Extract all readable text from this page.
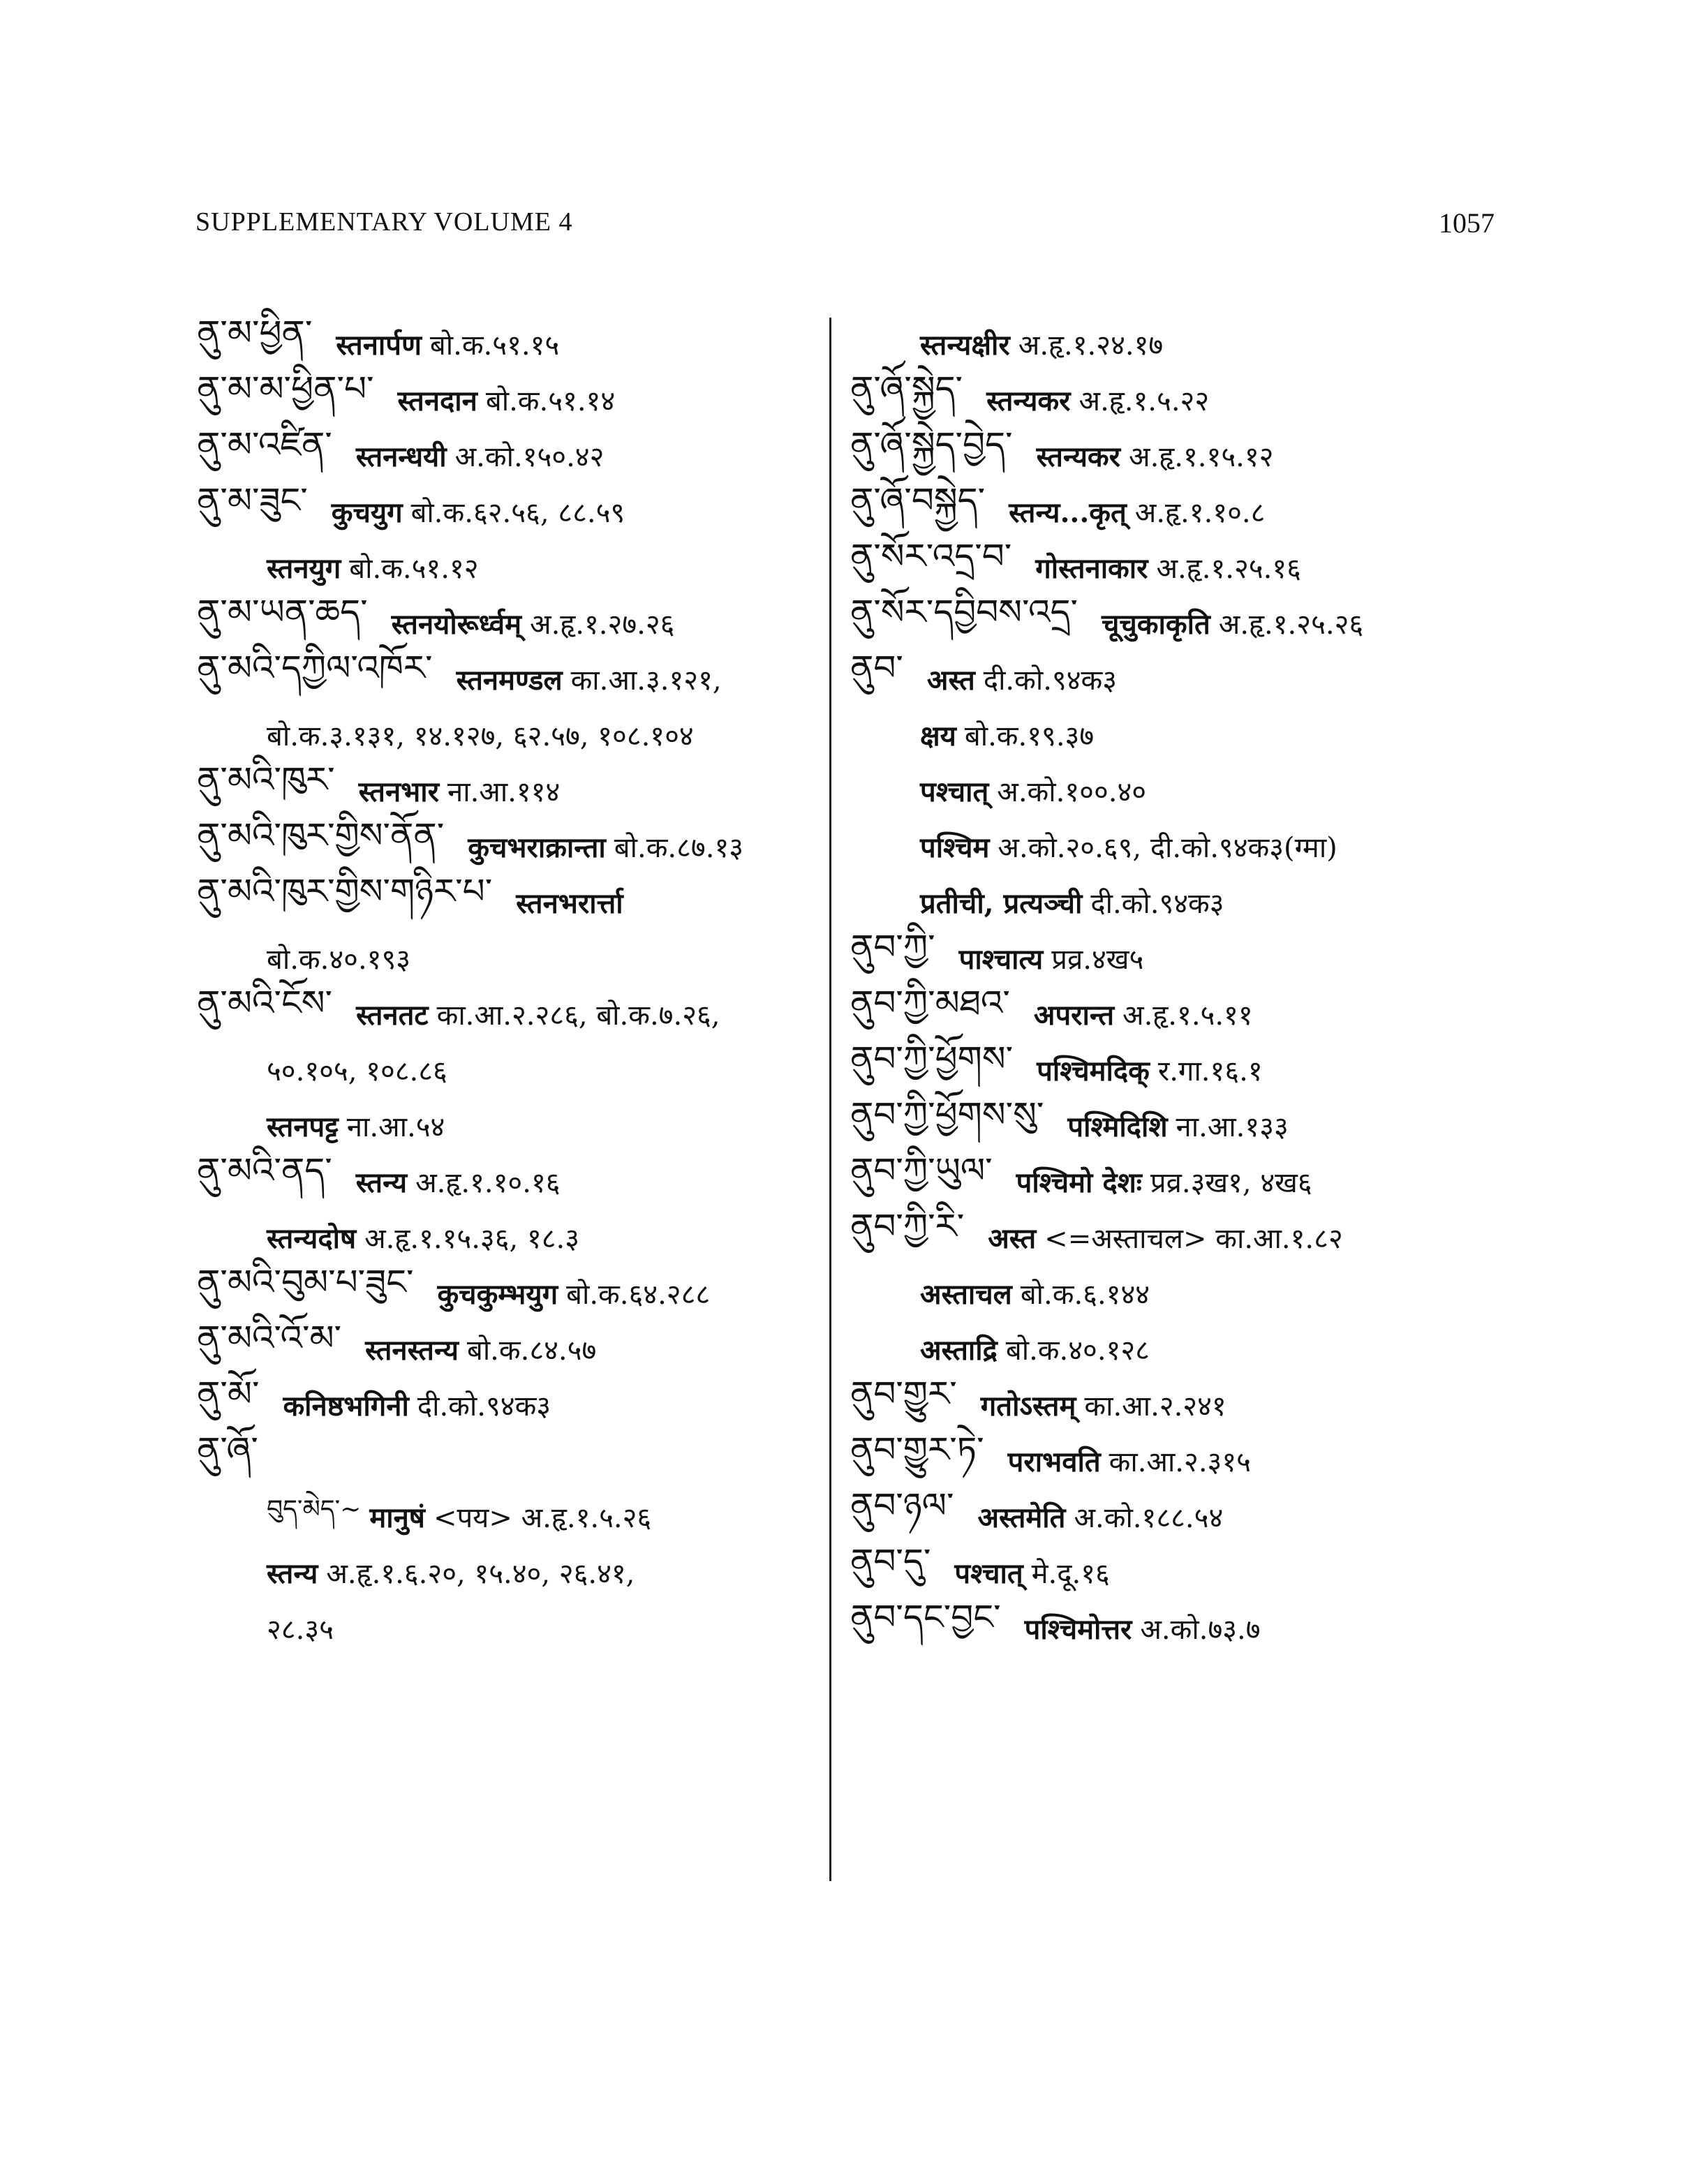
SUPPLEMENTARY VOLUME 4	1057
ནུ་མ་ཕྱིན་ स्तनार्पण बो.क.५१.१५
ནུ་མ་མ་ཕྱིན་པ་ स्तनदान बो.क.५१.१४
ནུ་མ་འཛིན་ स्तनन्धयी अ.को.१५०.४२
ནུ་མ་ཟུང་ कुचयुग बो.क.६२.५६, ८८.५९
स्तनयुग बो.क.५१.१२
ནུ་མ་ཡན་ཆད་ स्तनयोरूर्ध्वम् अ.हृ.१.२७.२६
ནུ་མའི་དཀྱིལ་འཁོར་ स्तनमण्डल का.आ.३.१२१,
बो.क.३.१३१, १४.१२७, ६२.५७, १०८.१०४
ནུ་མའི་ཁུར་ स्तनभार ना.आ.११४
ནུ་མའི་ཁུར་གྱིས་ནོན་ कुचभराक्रान्ता बो.क.८७.१३
ནུ་མའི་ཁུར་གྱིས་གཉིར་པ་ स्तनभरार्त्ता
बो.क.४०.१९३
ནུ་མའི་ངོས་ स्तनतट का.आ.२.२८६, बो.क.७.२६,
५०.१०५, १०८.८६
स्तनपट्ट ना.आ.५४
ནུ་མའི་ནད་ स्तन्य अ.हृ.१.१०.१६
स्तन्यदोष अ.हृ.१.१५.३६, १८.३
ནུ་མའི་བུམ་པ་ཟུང་ कुचकुम्भयुग बो.क.६४.२८८
ནུ་མའི་འོ་མ་ स्तनस्तन्य बो.क.८४.५७
ནུ་མོ་ कनिष्ठभगिनी दी.को.९४क३
ནུ་ཞོ་
བུད་མེད་~ मानुषं <पय> अ.हृ.१.५.२६
स्तन्य अ.हृ.१.६.२०, १५.४०, २६.४१,
२८.३५
स्तन्यक्षीर अ.हृ.१.२४.१७
ནུ་ཞོ་སྐྱེད་ स्तन्यकर अ.हृ.१.५.२२
ནུ་ཞོ་སྐྱེད་བྱེད་ स्तन्यकर अ.हृ.१.१५.१२
ནུ་ཞོ་བསྐྱེད་ स्तन्य...कृत् अ.हृ.१.१०.८
ནུ་སོར་འདྲ་བ་ गोस्तनाकार अ.हृ.१.२५.१६
ནུ་སོར་དབྱིབས་འདྲ་ चूचुकाकृति अ.हृ.१.२५.२६
ནུབ་ अस्त दी.को.९४क३
क्षय बो.क.१९.३७
पश्चात् अ.को.१००.४०
पश्चिम अ.को.२०.६९, दी.को.९४क३(ग्मा)
प्रतीची, प्रत्यञ्ची दी.को.९४क३
ནུབ་ཀྱི་ पाश्चात्य प्रव्र.४ख५
ནུབ་ཀྱི་མཐའ་ अपरान्त अ.हृ.१.५.११
ནུབ་ཀྱི་ཕྱོགས་ पश्चिमदिक् र.गा.१६.१
ནུབ་ཀྱི་ཕྱོགས་སུ་ पश्मिदिशि ना.आ.१३३
ནུབ་ཀྱི་ཡུལ་ पश्चिमो देशः प्रव्र.३ख१, ४ख६
ནུབ་ཀྱི་རི་ अस्त <=अस्ताचल> का.आ.१.८२
अस्ताचल बो.क.६.१४४
अस्ताद्रि बो.क.४०.१२८
ནུབ་གྱུར་ गतोऽस्तम् का.आ.२.२४१
ནུབ་གྱུར་ཏེ་ पराभवति का.आ.२.३१५
ནུབ་ཉལ་ अस्तमेति अ.को.१८८.५४
ནུབ་དུ་ पश्चात् मे.दू.१६
ནུབ་དང་བྱང་ पश्चिमोत्तर अ.को.७३.७
